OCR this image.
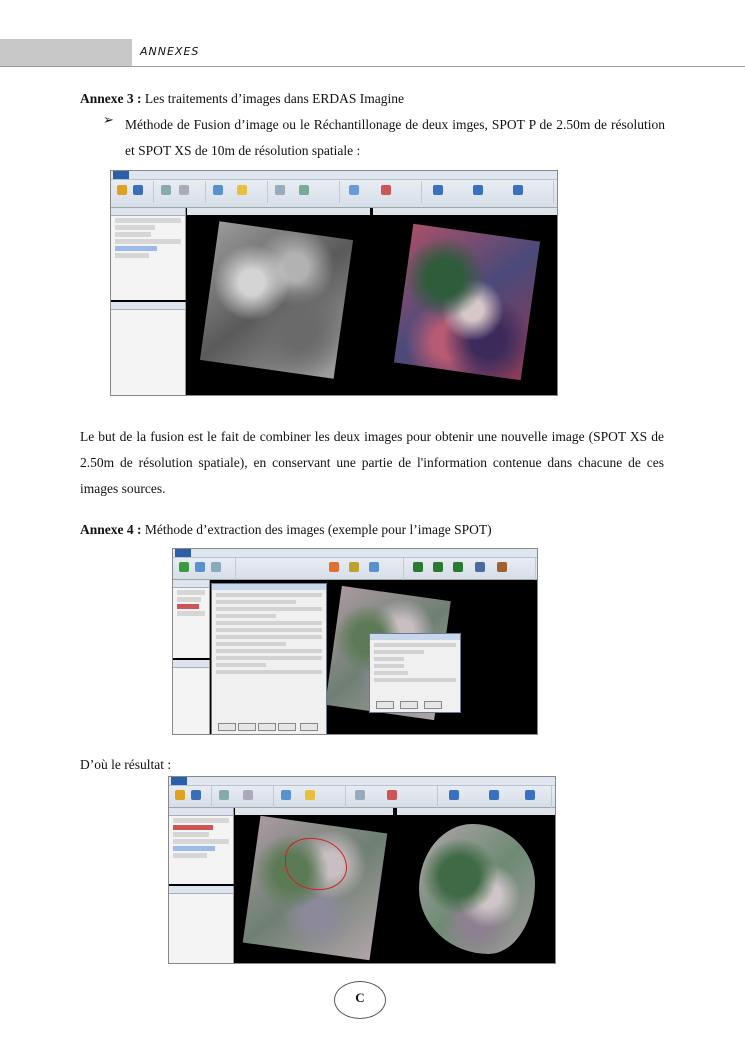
ANNEXES
Annexe 3 : Les traitements d’images dans ERDAS Imagine
➢ Méthode de Fusion d’image ou le Réchantillonage de deux imges, SPOT P de 2.50m de résolution et SPOT XS de 10m de résolution spatiale :
Le but de la fusion est le fait de combiner les deux images pour obtenir une nouvelle image (SPOT XS de 2.50m de résolution spatiale), en conservant une partie de l'information contenue dans chacune de ces images sources.
Annexe 4 : Méthode d’extraction des images (exemple pour l’image SPOT)
D’où le résultat :
C
